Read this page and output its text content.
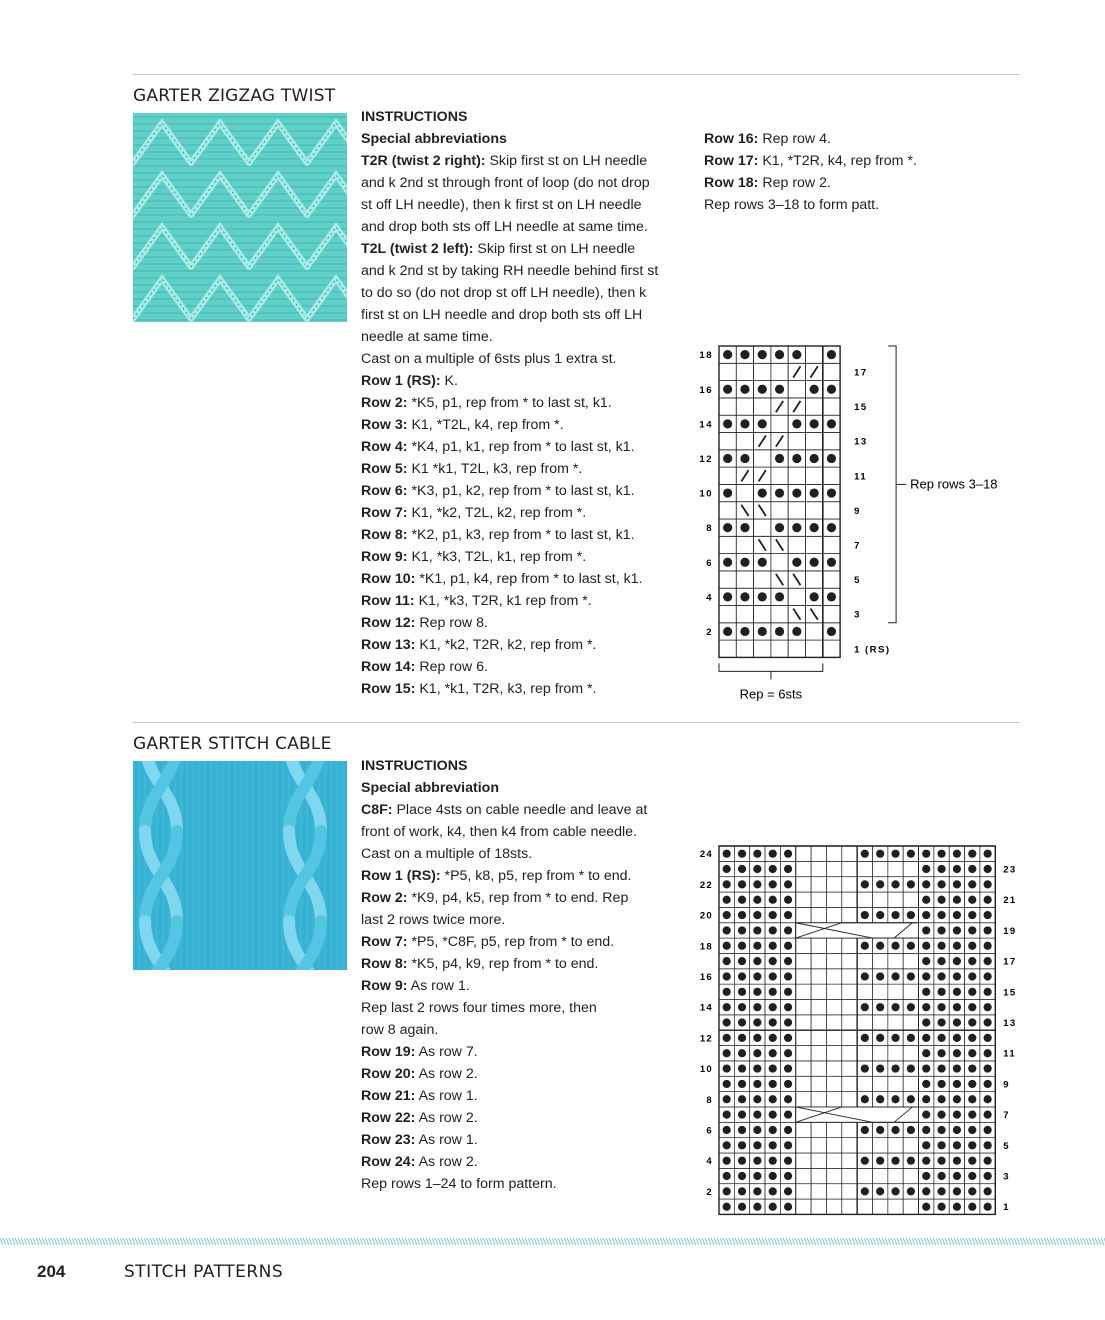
GARTER ZIGZAG TWIST

INSTRUCTIONS

Special abbreviations

T2R (twist 2 right): Skip first st on LH needle

and k 2nd st through front of loop (do not drop

st off LH needle), then k first st on LH needle

and drop both sts off LH needle at same time.

T2L (twist 2 left): Skip first st on LH needle

and k 2nd st by taking RH needle behind first st

to do so (do not drop st off LH needle), then k

first st on LH needle and drop both sts off LH

needle at same time.

Cast on a multiple of 6sts plus 1 extra st.

Row 1 (RS): K.

Row 2: *K5, p1, rep from * to last st, k1.

Row 3: K1, *T2L, k4, rep from *.

Row 4: *K4, p1, k1, rep from * to last st, k1.

Row 5: K1 *k1, T2L, k3, rep from *.

Row 6: *K3, p1, k2, rep from * to last st, k1.

Row 7: K1, *k2, T2L, k2, rep from *.

Row 8: *K2, p1, k3, rep from * to last st, k1.

Row 9: K1, *k3, T2L, k1, rep from *.

Row 10: *K1, p1, k4, rep from * to last st, k1.

Row 11: K1, *k3, T2R, k1 rep from *.

Row 12: Rep row 8.

Row 13: K1, *k2, T2R, k2, rep from *.

Row 14: Rep row 6.

Row 15: K1, *k1, T2R, k3, rep from *.

Row 16: Rep row 4.

Row 17: K1, *T2R, k4, rep from *.

Row 18: Rep row 2.

Rep rows 3–18 to form patt.

2
4
6
8
10
12
14
16
18
1 (RS)
3
5
7
9
11
13
15
17
Rep rows 3–18
Rep = 6sts
GARTER STITCH CABLE

INSTRUCTIONS

Special abbreviation

C8F: Place 4sts on cable needle and leave at

front of work, k4, then k4 from cable needle.

Cast on a multiple of 18sts.

Row 1 (RS): *P5, k8, p5, rep from * to end.

Row 2: *K9, p4, k5, rep from * to end. Rep

last 2 rows twice more.

Row 7: *P5, *C8F, p5, rep from * to end.

Row 8: *K5, p4, k9, rep from * to end.

Row 9: As row 1.

Rep last 2 rows four times more, then

row 8 again.

Row 19: As row 7.

Row 20: As row 2.

Row 21: As row 1.

Row 22: As row 2.

Row 23: As row 1.

Row 24: As row 2.

Rep rows 1–24 to form pattern.

2
4
6
8
10
12
14
16
18
20
22
24
1
3
5
7
9
11
13
15
17
19
21
23
204	STITCH PATTERNS
